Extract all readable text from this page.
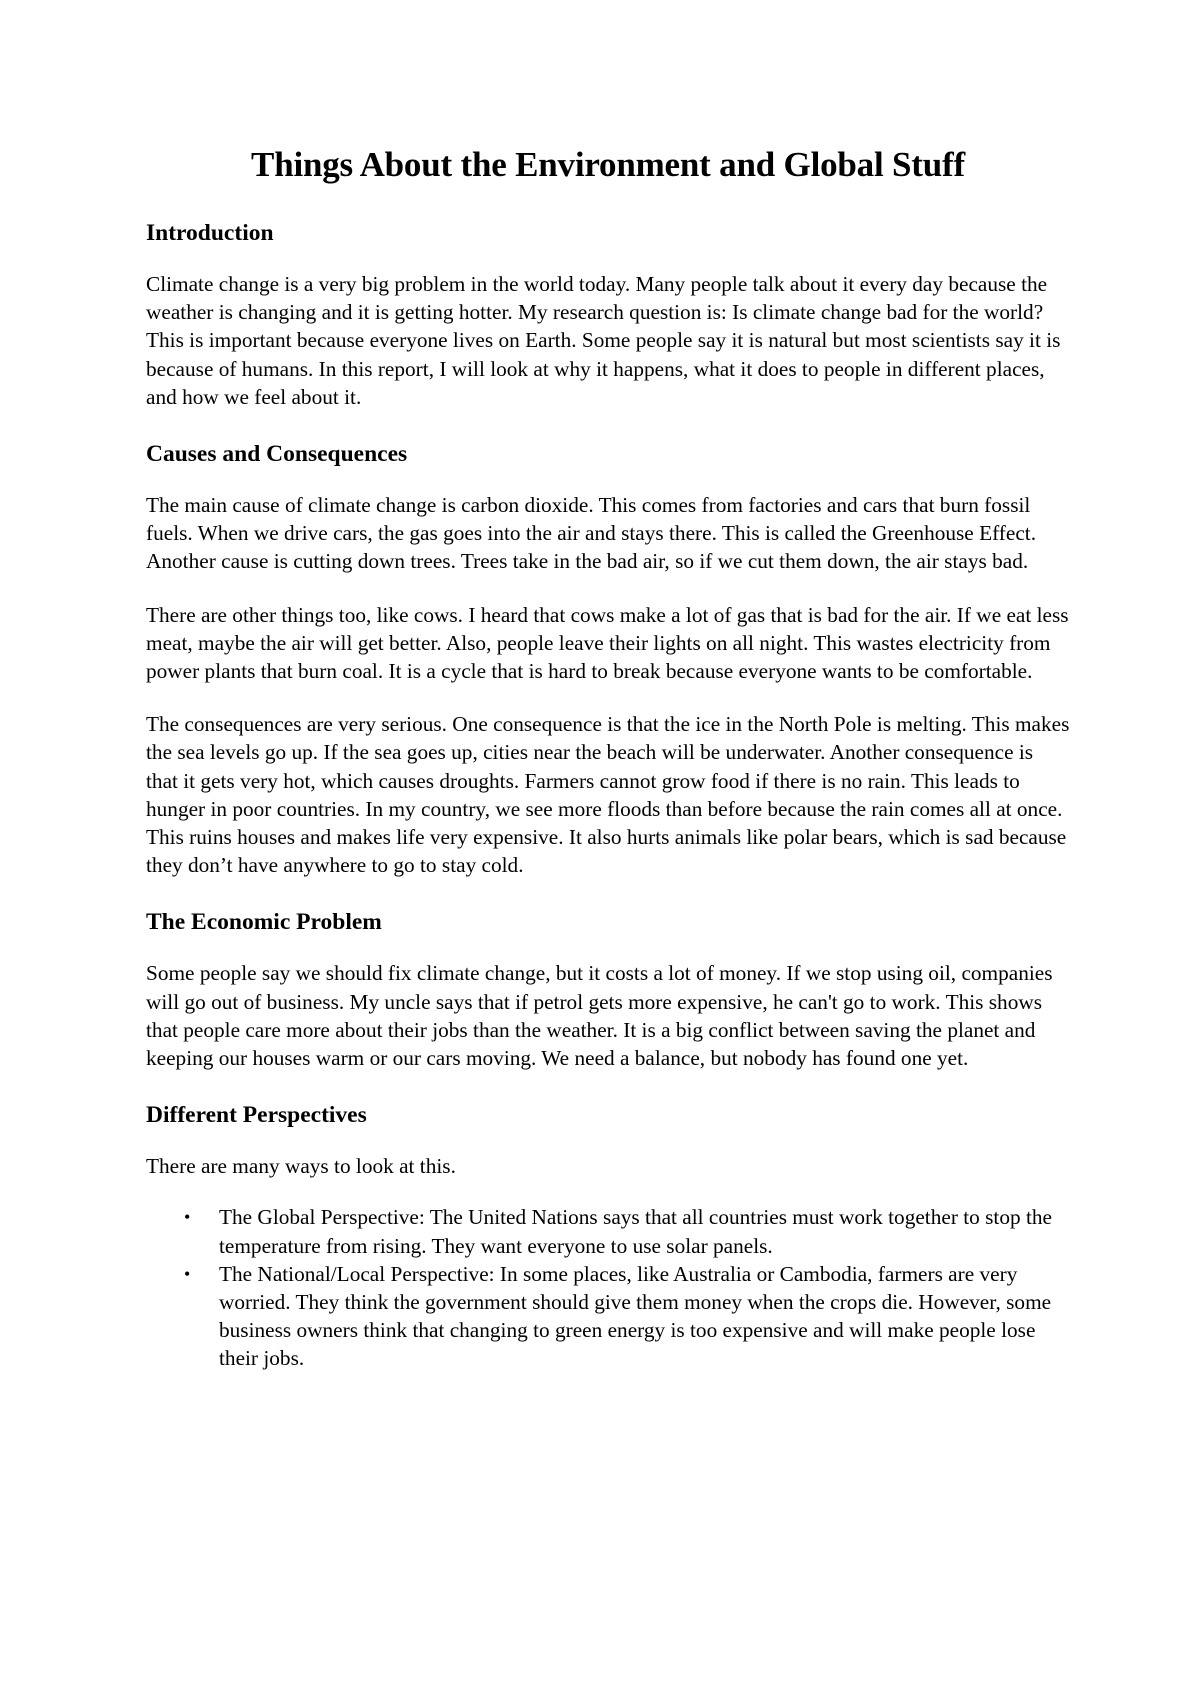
Things About the Environment and Global Stuff
Introduction

Climate change is a very big problem in the world today. Many people talk about it every day because the weather is changing and it is getting hotter. My research question is: Is climate change bad for the world? This is important because everyone lives on Earth. Some people say it is natural but most scientists say it is because of humans. In this report, I will look at why it happens, what it does to people in different places, and how we feel about it.

Causes and Consequences

The main cause of climate change is carbon dioxide. This comes from factories and cars that burn fossil fuels. When we drive cars, the gas goes into the air and stays there. This is called the Greenhouse Effect. Another cause is cutting down trees. Trees take in the bad air, so if we cut them down, the air stays bad.

There are other things too, like cows. I heard that cows make a lot of gas that is bad for the air. If we eat less meat, maybe the air will get better. Also, people leave their lights on all night. This wastes electricity from power plants that burn coal. It is a cycle that is hard to break because everyone wants to be comfortable.

The consequences are very serious. One consequence is that the ice in the North Pole is melting. This makes the sea levels go up. If the sea goes up, cities near the beach will be underwater. Another consequence is that it gets very hot, which causes droughts. Farmers cannot grow food if there is no rain. This leads to hunger in poor countries. In my country, we see more floods than before because the rain comes all at once. This ruins houses and makes life very expensive. It also hurts animals like polar bears, which is sad because they don’t have anywhere to go to stay cold.

The Economic Problem

Some people say we should fix climate change, but it costs a lot of money. If we stop using oil, companies will go out of business. My uncle says that if petrol gets more expensive, he can't go to work. This shows that people care more about their jobs than the weather. It is a big conflict between saving the planet and keeping our houses warm or our cars moving. We need a balance, but nobody has found one yet.

Different Perspectives

There are many ways to look at this.

• The Global Perspective: The United Nations says that all countries must work together to stop the temperature from rising. They want everyone to use solar panels.
• The National/Local Perspective: In some places, like Australia or Cambodia, farmers are very worried. They think the government should give them money when the crops die. However, some business owners think that changing to green energy is too expensive and will make people lose their jobs.
